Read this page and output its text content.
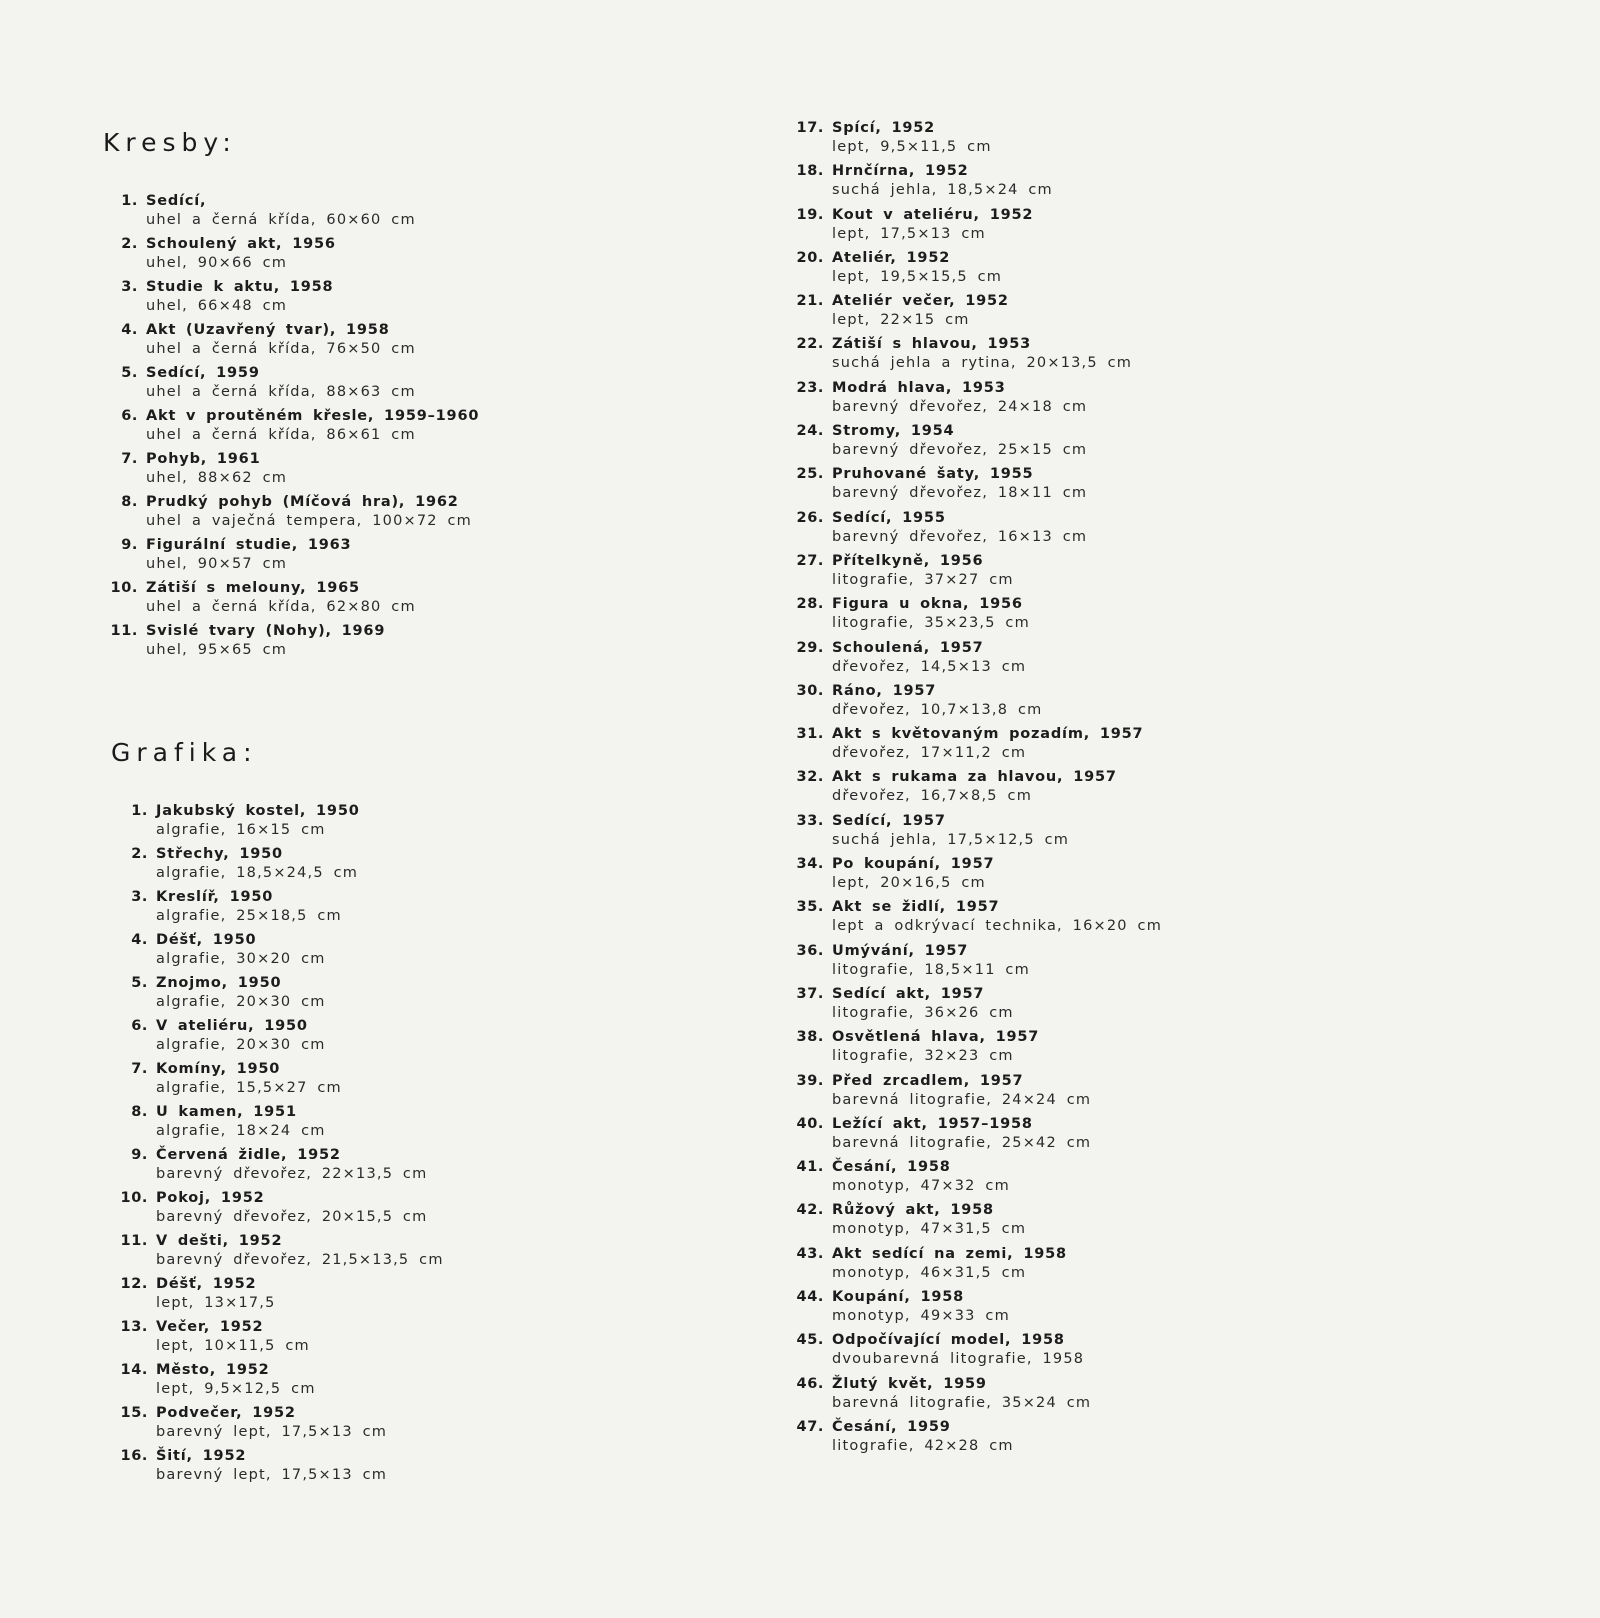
Kresby:
1. Sedící,
uhel a černá křída, 60×60 cm
2. Schoulený akt, 1956
uhel, 90×66 cm
3. Studie k aktu, 1958
uhel, 66×48 cm
4. Akt (Uzavřený tvar), 1958
uhel a černá křída, 76×50 cm
5. Sedící, 1959
uhel a černá křída, 88×63 cm
6. Akt v proutěném křesle, 1959–1960
uhel a černá křída, 86×61 cm
7. Pohyb, 1961
uhel, 88×62 cm
8. Prudký pohyb (Míčová hra), 1962
uhel a vaječná tempera, 100×72 cm
9. Figurální studie, 1963
uhel, 90×57 cm
10. Zátiší s melouny, 1965
uhel a černá křída, 62×80 cm
11. Svislé tvary (Nohy), 1969
uhel, 95×65 cm
Grafika:
1. Jakubský kostel, 1950
algrafie, 16×15 cm
2. Střechy, 1950
algrafie, 18,5×24,5 cm
3. Kreslíř, 1950
algrafie, 25×18,5 cm
4. Déšť, 1950
algrafie, 30×20 cm
5. Znojmo, 1950
algrafie, 20×30 cm
6. V ateliéru, 1950
algrafie, 20×30 cm
7. Komíny, 1950
algrafie, 15,5×27 cm
8. U kamen, 1951
algrafie, 18×24 cm
9. Červená židle, 1952
barevný dřevořez, 22×13,5 cm
10. Pokoj, 1952
barevný dřevořez, 20×15,5 cm
11. V dešti, 1952
barevný dřevořez, 21,5×13,5 cm
12. Déšť, 1952
lept, 13×17,5
13. Večer, 1952
lept, 10×11,5 cm
14. Město, 1952
lept, 9,5×12,5 cm
15. Podvečer, 1952
barevný lept, 17,5×13 cm
16. Šití, 1952
barevný lept, 17,5×13 cm
17. Spící, 1952
lept, 9,5×11,5 cm
18. Hrnčírna, 1952
suchá jehla, 18,5×24 cm
19. Kout v ateliéru, 1952
lept, 17,5×13 cm
20. Ateliér, 1952
lept, 19,5×15,5 cm
21. Ateliér večer, 1952
lept, 22×15 cm
22. Zátiší s hlavou, 1953
suchá jehla a rytina, 20×13,5 cm
23. Modrá hlava, 1953
barevný dřevořez, 24×18 cm
24. Stromy, 1954
barevný dřevořez, 25×15 cm
25. Pruhované šaty, 1955
barevný dřevořez, 18×11 cm
26. Sedící, 1955
barevný dřevořez, 16×13 cm
27. Přítelkyně, 1956
litografie, 37×27 cm
28. Figura u okna, 1956
litografie, 35×23,5 cm
29. Schoulená, 1957
dřevořez, 14,5×13 cm
30. Ráno, 1957
dřevořez, 10,7×13,8 cm
31. Akt s květovaným pozadím, 1957
dřevořez, 17×11,2 cm
32. Akt s rukama za hlavou, 1957
dřevořez, 16,7×8,5 cm
33. Sedící, 1957
suchá jehla, 17,5×12,5 cm
34. Po koupání, 1957
lept, 20×16,5 cm
35. Akt se židlí, 1957
lept a odkrývací technika, 16×20 cm
36. Umývání, 1957
litografie, 18,5×11 cm
37. Sedící akt, 1957
litografie, 36×26 cm
38. Osvětlená hlava, 1957
litografie, 32×23 cm
39. Před zrcadlem, 1957
barevná litografie, 24×24 cm
40. Ležící akt, 1957–1958
barevná litografie, 25×42 cm
41. Česání, 1958
monotyp, 47×32 cm
42. Růžový akt, 1958
monotyp, 47×31,5 cm
43. Akt sedící na zemi, 1958
monotyp, 46×31,5 cm
44. Koupání, 1958
monotyp, 49×33 cm
45. Odpočívající model, 1958
dvoubarevná litografie, 1958
46. Žlutý květ, 1959
barevná litografie, 35×24 cm
47. Česání, 1959
litografie, 42×28 cm
